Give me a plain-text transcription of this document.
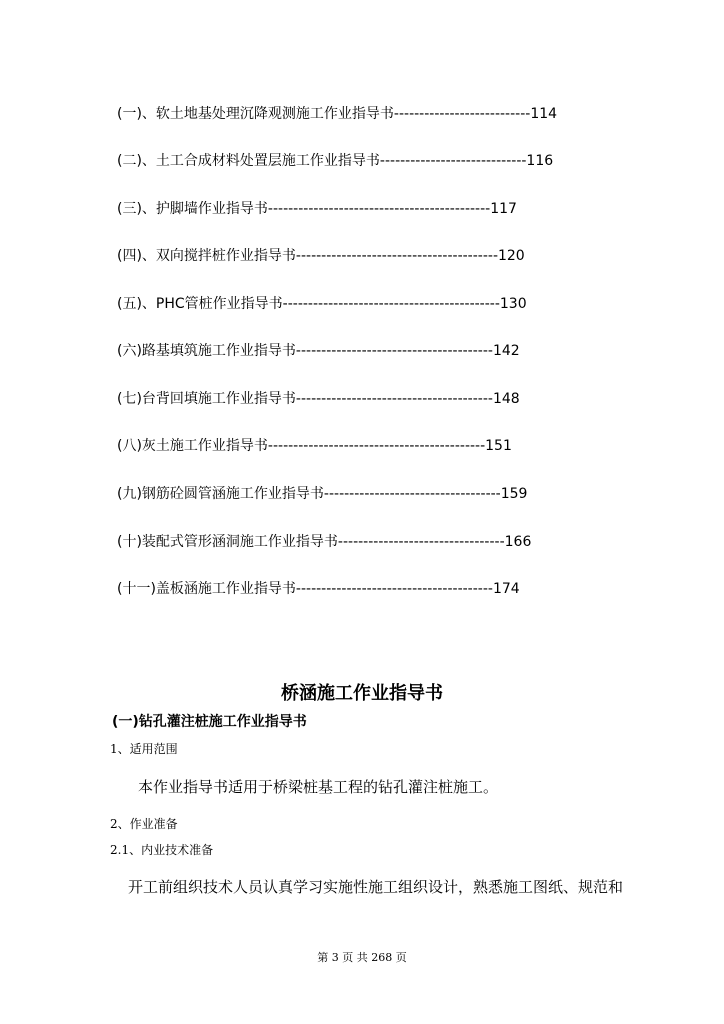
(一)、软土地基处理沉降观测施工作业指导书---------------------------114
(二)、土工合成材料处置层施工作业指导书-----------------------------116
(三)、护脚墙作业指导书--------------------------------------------117
(四)、双向搅拌桩作业指导书----------------------------------------120
(五)、PHC管桩作业指导书-------------------------------------------130
(六)路基填筑施工作业指导书---------------------------------------142
(七)台背回填施工作业指导书---------------------------------------148
(八)灰土施工作业指导书-------------------------------------------151
(九)钢筋砼圆管涵施工作业指导书-----------------------------------159
(十)装配式管形涵洞施工作业指导书---------------------------------166
(十一)盖板涵施工作业指导书---------------------------------------174
桥涵施工作业指导书
(一)钻孔灌注桩施工作业指导书
1、适用范围
本作业指导书适用于桥梁桩基工程的钻孔灌注桩施工。
2、作业准备
2.1、内业技术准备
开工前组织技术人员认真学习实施性施工组织设计，熟悉施工图纸、规范和
第 3 页 共 268 页
